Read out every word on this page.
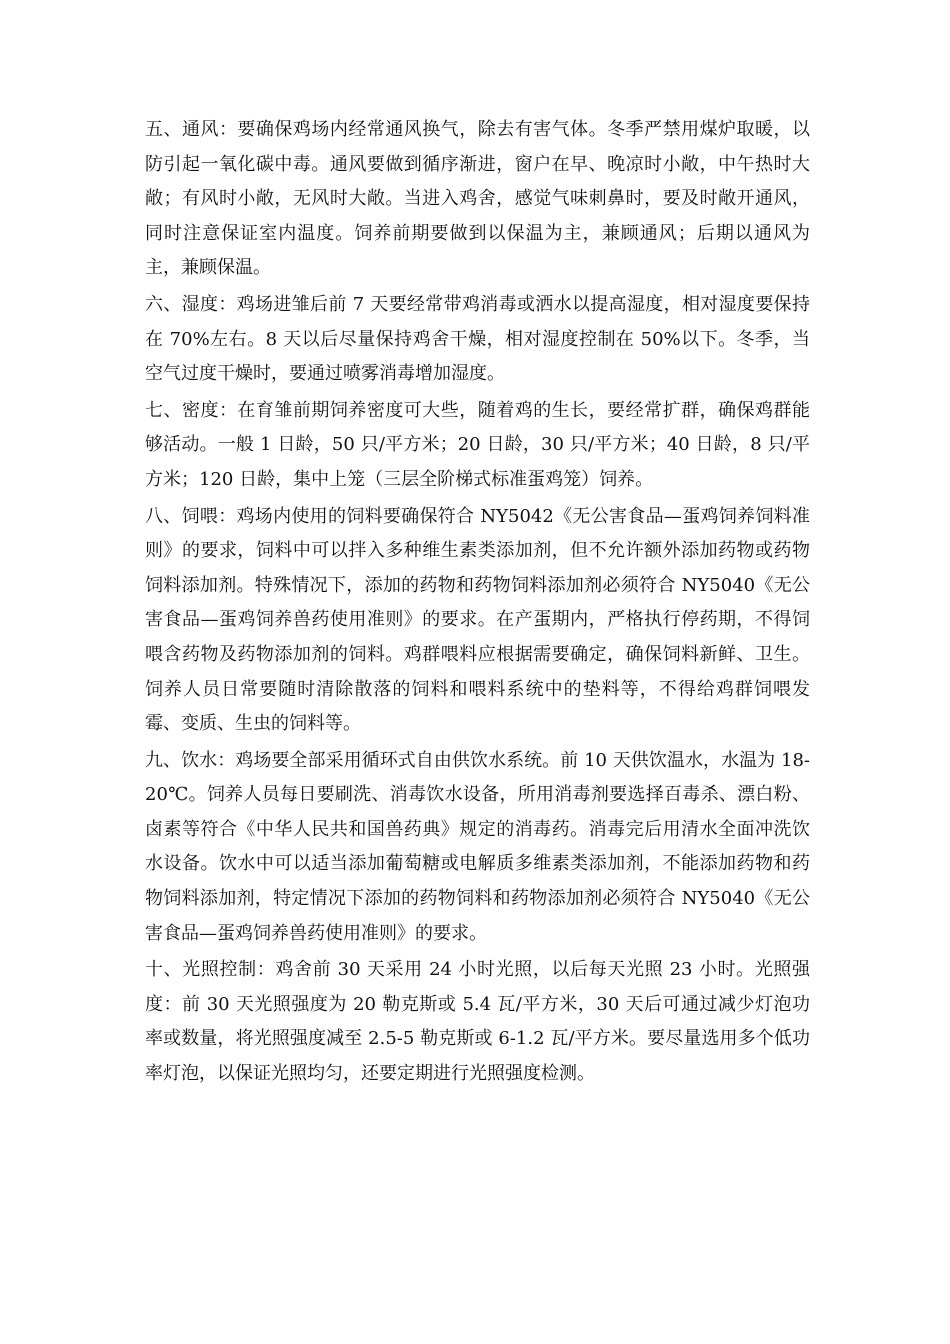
五、通风：要确保鸡场内经常通风换气，除去有害气体。冬季严禁用煤炉取暖，以防引起一氧化碳中毒。通风要做到循序渐进，窗户在早、晚凉时小敞，中午热时大敞；有风时小敞，无风时大敞。当进入鸡舍，感觉气味刺鼻时，要及时敞开通风，同时注意保证室内温度。饲养前期要做到以保温为主，兼顾通风；后期以通风为主，兼顾保温。

六、湿度：鸡场进雏后前 7 天要经常带鸡消毒或洒水以提高湿度，相对湿度要保持在 70%左右。8 天以后尽量保持鸡舍干燥，相对湿度控制在 50%以下。冬季，当空气过度干燥时，要通过喷雾消毒增加湿度。

七、密度：在育雏前期饲养密度可大些，随着鸡的生长，要经常扩群，确保鸡群能够活动。一般 1 日龄，50 只/平方米；20 日龄，30 只/平方米；40 日龄，8 只/平方米；120 日龄，集中上笼（三层全阶梯式标准蛋鸡笼）饲养。

八、饲喂：鸡场内使用的饲料要确保符合 NY5042《无公害食品—蛋鸡饲养饲料准则》的要求，饲料中可以拌入多种维生素类添加剂，但不允许额外添加药物或药物饲料添加剂。特殊情况下，添加的药物和药物饲料添加剂必须符合 NY5040《无公害食品—蛋鸡饲养兽药使用准则》的要求。在产蛋期内，严格执行停药期，不得饲喂含药物及药物添加剂的饲料。鸡群喂料应根据需要确定，确保饲料新鲜、卫生。饲养人员日常要随时清除散落的饲料和喂料系统中的垫料等，不得给鸡群饲喂发霉、变质、生虫的饲料等。

九、饮水：鸡场要全部采用循环式自由供饮水系统。前 10 天供饮温水，水温为 18-20℃。饲养人员每日要刷洗、消毒饮水设备，所用消毒剂要选择百毒杀、漂白粉、卤素等符合《中华人民共和国兽药典》规定的消毒药。消毒完后用清水全面冲洗饮水设备。饮水中可以适当添加葡萄糖或电解质多维素类添加剂，不能添加药物和药物饲料添加剂，特定情况下添加的药物饲料和药物添加剂必须符合 NY5040《无公害食品—蛋鸡饲养兽药使用准则》的要求。

十、光照控制：鸡舍前 30 天采用 24 小时光照，以后每天光照 23 小时。光照强度：前 30 天光照强度为 20 勒克斯或 5.4 瓦/平方米，30 天后可通过减少灯泡功率或数量，将光照强度减至 2.5-5 勒克斯或 6-1.2 瓦/平方米。要尽量选用多个低功率灯泡，以保证光照均匀，还要定期进行光照强度检测。
